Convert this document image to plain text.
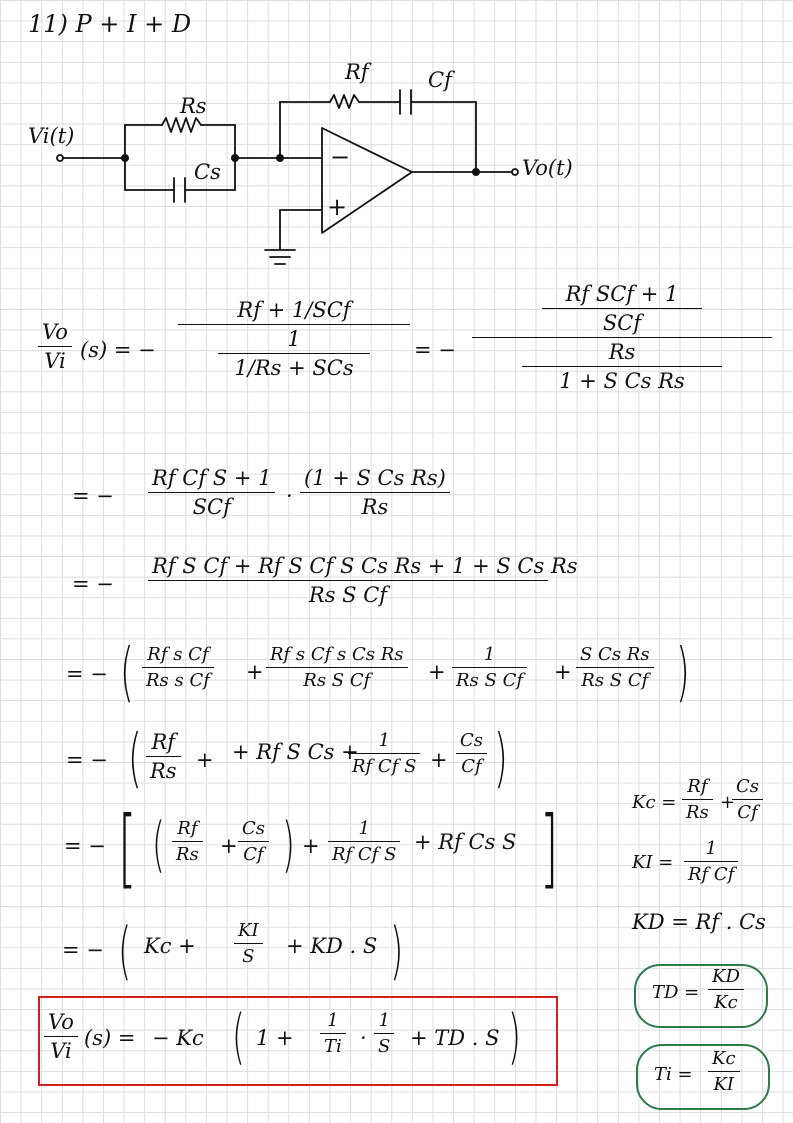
11) P + I + D
Vi(t)
Vo(t)
Rs
Cs
Rf	Cf
−
+
Vo
Vi (s) = −
Rf + 1/SCf
1
1/Rs + SCs
= −
Rf SCf + 1
SCf
Rs
1 + S Cs Rs
= −
Rf Cf S + 1
SCf	·
(1 + S Cs Rs)
Rs
= −
Rf S Cf + Rf S Cf S Cs Rs + 1 + S Cs Rs
Rs S Cf
= − ( Rf s Cf
Rs s Cf +
Rf s Cf s Cs Rs
Rs S Cf	+
1
Rs S Cf +
S Cs Rs
Rs S Cf )
= − ( Rf
Rs + + Rf S Cs +	1
Rf Cf S +
Cs
Cf )
= − [ ( Rf
Rs +
Cs
Cf ) +
1
Rf Cf S
+ Rf Cs S ]
= − ( Kc +
KI
S	+ KD . S )
Vo
Vi
(s) = − Kc ( 1 +
1
Ti ·
1
S + TD . S )
Kc =
Rf
Rs +
Cs
Cf
KI =
1
Rf Cf
KD = Rf . Cs
TD =
KD
Kc
Ti =
Kc
KI
